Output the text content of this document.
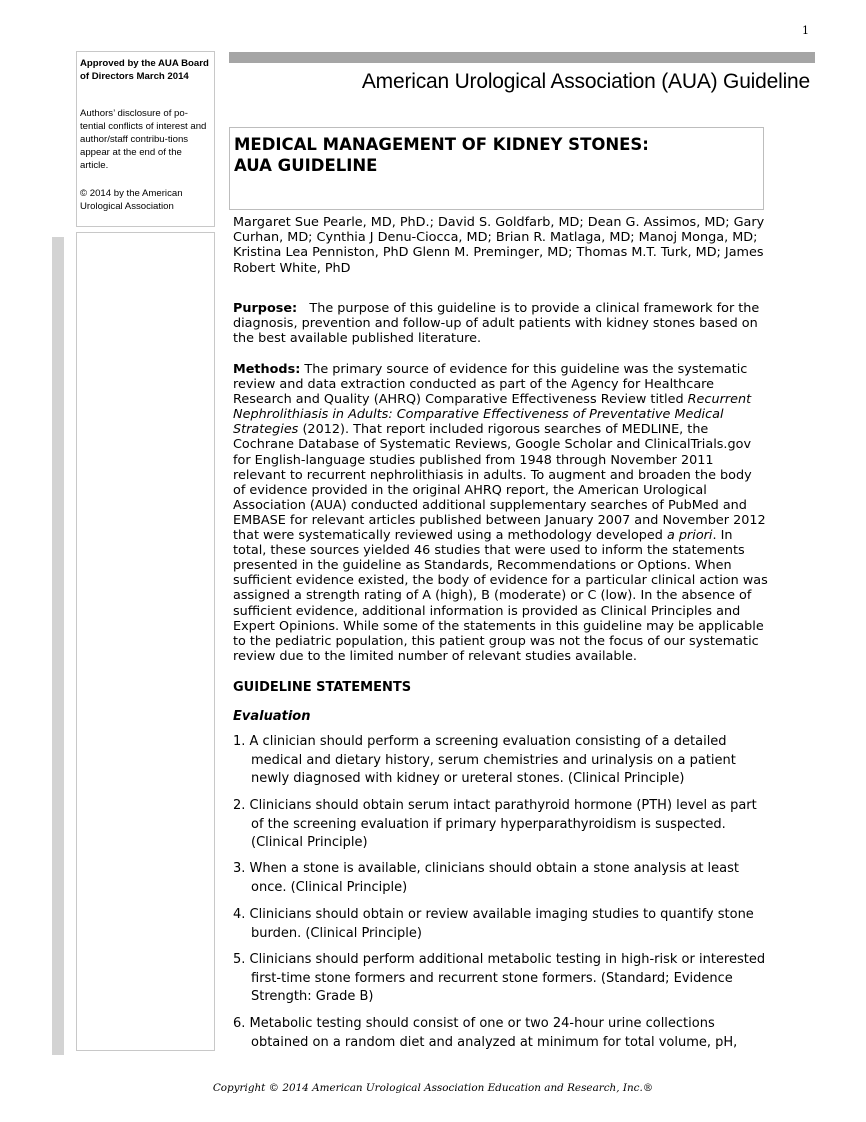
1
Approved by the AUA Board of Directors March 2014
Authors’ disclosure of po-tential conflicts of interest and author/staff contribu-tions appear at the end of the article.
© 2014 by the American Urological Association
American Urological Association (AUA) Guideline
MEDICAL MANAGEMENT OF KIDNEY STONES:
AUA GUIDELINE
Margaret Sue Pearle, MD, PhD.; David S. Goldfarb, MD; Dean G. Assimos, MD; Gary Curhan, MD; Cynthia J Denu-Ciocca, MD; Brian R. Matlaga, MD; Manoj Monga, MD; Kristina Lea Penniston, PhD Glenn M. Preminger, MD; Thomas M.T. Turk, MD; James Robert White, PhD
Purpose: The purpose of this guideline is to provide a clinical framework for the diagnosis, prevention and follow-up of adult patients with kidney stones based on the best available published literature.
Methods: The primary source of evidence for this guideline was the systematic review and data extraction conducted as part of the Agency for Healthcare Research and Quality (AHRQ) Comparative Effectiveness Review titled Recurrent Nephrolithiasis in Adults: Comparative Effectiveness of Preventative Medical Strategies (2012). That report included rigorous searches of MEDLINE, the Cochrane Database of Systematic Reviews, Google Scholar and ClinicalTrials.gov for English-language studies published from 1948 through November 2011 relevant to recurrent nephrolithiasis in adults. To augment and broaden the body of evidence provided in the original AHRQ report, the American Urological Association (AUA) conducted additional supplementary searches of PubMed and EMBASE for relevant articles published between January 2007 and November 2012 that were systematically reviewed using a methodology developed a priori. In total, these sources yielded 46 studies that were used to inform the statements presented in the guideline as Standards, Recommendations or Options. When sufficient evidence existed, the body of evidence for a particular clinical action was assigned a strength rating of A (high), B (moderate) or C (low). In the absence of sufficient evidence, additional information is provided as Clinical Principles and Expert Opinions. While some of the statements in this guideline may be applicable to the pediatric population, this patient group was not the focus of our systematic review due to the limited number of relevant studies available.
GUIDELINE STATEMENTS
Evaluation
1. A clinician should perform a screening evaluation consisting of a detailed medical and dietary history, serum chemistries and urinalysis on a patient newly diagnosed with kidney or ureteral stones. (Clinical Principle)
2. Clinicians should obtain serum intact parathyroid hormone (PTH) level as part of the screening evaluation if primary hyperparathyroidism is suspected. (Clinical Principle)
3. When a stone is available, clinicians should obtain a stone analysis at least once. (Clinical Principle)
4. Clinicians should obtain or review available imaging studies to quantify stone burden. (Clinical Principle)
5. Clinicians should perform additional metabolic testing in high-risk or interested first-time stone formers and recurrent stone formers. (Standard; Evidence Strength: Grade B)
6. Metabolic testing should consist of one or two 24-hour urine collections obtained on a random diet and analyzed at minimum for total volume, pH,
Copyright © 2014 American Urological Association Education and Research, Inc.®
